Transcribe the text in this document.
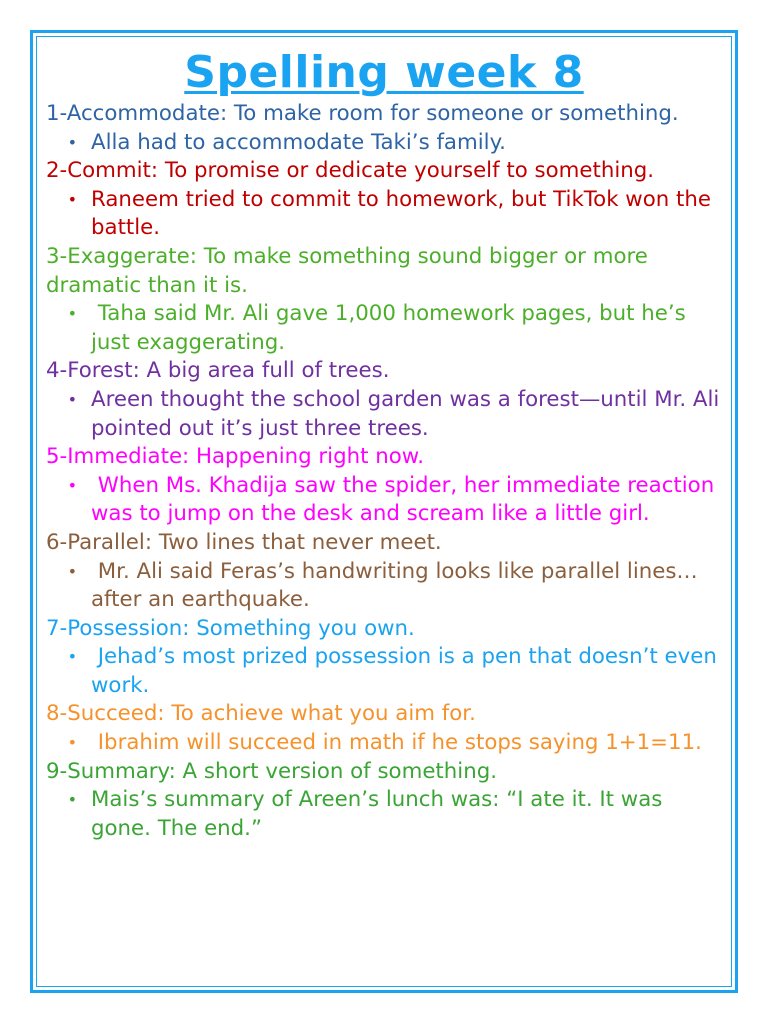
Spelling week 8
1-Accommodate: To make room for someone or something.
• Alla had to accommodate Taki’s family.
2-Commit: To promise or dedicate yourself to something.
• Raneem tried to commit to homework, but TikTok won the battle.
3-Exaggerate: To make something sound bigger or more dramatic than it is.
• Taha said Mr. Ali gave 1,000 homework pages, but he’s just exaggerating.
4-Forest: A big area full of trees.
• Areen thought the school garden was a forest—until Mr. Ali pointed out it’s just three trees.
5-Immediate: Happening right now.
• When Ms. Khadija saw the spider, her immediate reaction was to jump on the desk and scream like a little girl.
6-Parallel: Two lines that never meet.
• Mr. Ali said Feras’s handwriting looks like parallel lines… after an earthquake.
7-Possession: Something you own.
• Jehad’s most prized possession is a pen that doesn’t even work.
8-Succeed: To achieve what you aim for.
• Ibrahim will succeed in math if he stops saying 1+1=11.
9-Summary: A short version of something.
• Mais’s summary of Areen’s lunch was: “I ate it. It was gone. The end.”
